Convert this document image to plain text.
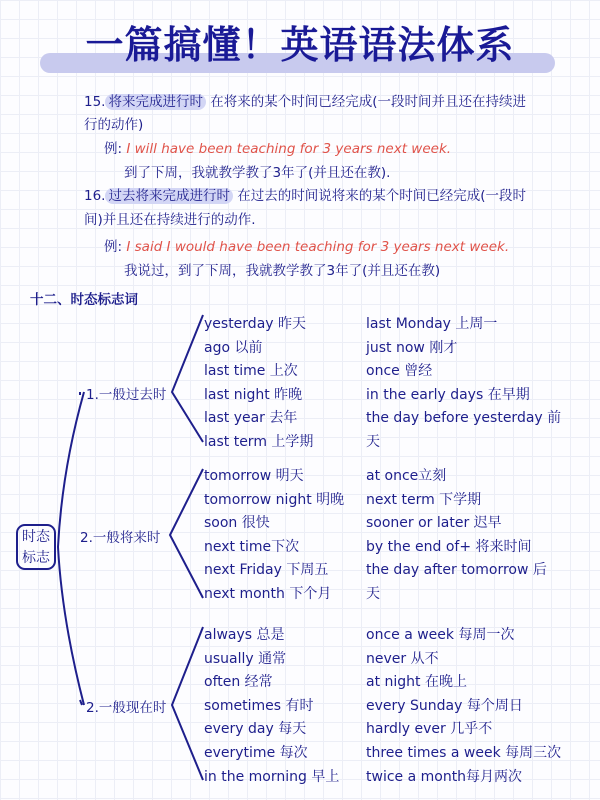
一篇搞懂！英语语法体系
15. 将来完成进行时 在将来的某个时间已经完成(一段时间并且还在持续进
行的动作)
例: I will have been teaching for 3 years next week.
到了下周，我就教学教了3年了(并且还在教).
16. 过去将来完成进行时 在过去的时间说将来的某个时间已经完成(一段时
间)并且还在持续进行的动作.
例: I said I would have been teaching for 3 years next week.
我说过，到了下周，我就教学教了3年了(并且还在教)
十二、时态标志词
时态
标志
1.一般过去时
yesterday 昨天
ago 以前
last time 上次
last night 昨晚
last year 去年
last term 上学期
last Monday 上周一
just now 刚才
once 曾经
in the early days 在早期
the day before yesterday 前
天
2.一般将来时
tomorrow 明天
tomorrow night 明晚
soon 很快
next time下次
next Friday 下周五
next month 下个月
at once立刻
next term 下学期
sooner or later 迟早
by the end of+ 将来时间
the day after tomorrow 后
天
2.一般现在时
always 总是
usually 通常
often 经常
sometimes 有时
every day 每天
everytime 每次
in the morning 早上
once a week 每周一次
never 从不
at night 在晚上
every Sunday 每个周日
hardly ever 几乎不
three times a week 每周三次
twice a month每月两次
